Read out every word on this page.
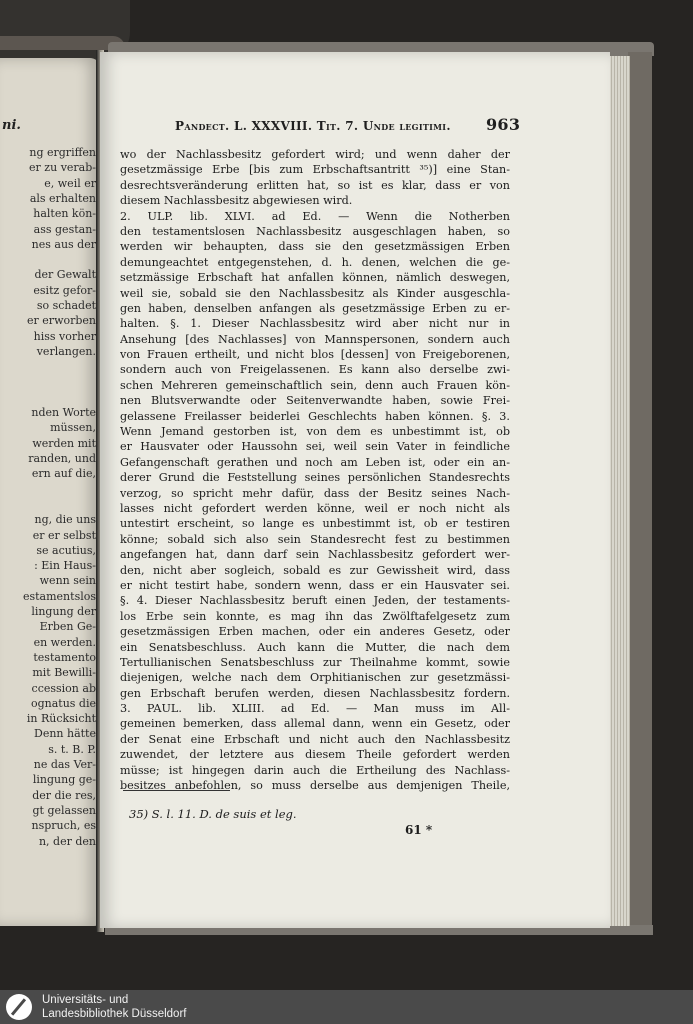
ni.
ng ergriffen
er zu verab-
e, weil er
als erhalten
halten kön-
ass gestan-
nes aus der
der Gewalt
esitz gefor-
so schadet
er erworben
hiss vorher
verlangen.
nden Worte
müssen,
werden mit
randen, und
ern auf die,
ng, die uns
er er selbst
se acutius,
: Ein Haus-
wenn sein
estamentslos
lingung der
Erben Ge-
en werden.
testamento
mit Bewilli-
ccession ab
ognatus die
in Rücksicht
Denn hätte
s. t. B. P.
ne das Ver-
lingung ge-
der die res,
gt gelassen
nspruch, es
n, der den
Pandect. L. XXXVIII. Tit. 7. Unde legitimi. 963
wo der Nachlassbesitz gefordert wird; und wenn daher der
gesetzmässige Erbe [bis zum Erbschaftsantritt ³⁵)] eine Stan-
desrechtsveränderung erlitten hat, so ist es klar, dass er von
diesem Nachlassbesitz abgewiesen wird.
2. ULP. lib. XLVI. ad Ed. — Wenn die Notherben
den testamentslosen Nachlassbesitz ausgeschlagen haben, so
werden wir behaupten, dass sie den gesetzmässigen Erben
demungeachtet entgegenstehen, d. h. denen, welchen die ge-
setzmässige Erbschaft hat anfallen können, nämlich deswegen,
weil sie, sobald sie den Nachlassbesitz als Kinder ausgeschla-
gen haben, denselben anfangen als gesetzmässige Erben zu er-
halten. §. 1. Dieser Nachlassbesitz wird aber nicht nur in
Ansehung [des Nachlasses] von Mannspersonen, sondern auch
von Frauen ertheilt, und nicht blos [dessen] von Freigeborenen,
sondern auch von Freigelassenen. Es kann also derselbe zwi-
schen Mehreren gemeinschaftlich sein, denn auch Frauen kön-
nen Blutsverwandte oder Seitenverwandte haben, sowie Frei-
gelassene Freilasser beiderlei Geschlechts haben können. §. 3.
Wenn Jemand gestorben ist, von dem es unbestimmt ist, ob
er Hausvater oder Haussohn sei, weil sein Vater in feindliche
Gefangenschaft gerathen und noch am Leben ist, oder ein an-
derer Grund die Feststellung seines persönlichen Standesrechts
verzog, so spricht mehr dafür, dass der Besitz seines Nach-
lasses nicht gefordert werden könne, weil er noch nicht als
untestirt erscheint, so lange es unbestimmt ist, ob er testiren
könne; sobald sich also sein Standesrecht fest zu bestimmen
angefangen hat, dann darf sein Nachlassbesitz gefordert wer-
den, nicht aber sogleich, sobald es zur Gewissheit wird, dass
er nicht testirt habe, sondern wenn, dass er ein Hausvater sei.
§. 4. Dieser Nachlassbesitz beruft einen Jeden, der testaments-
los Erbe sein konnte, es mag ihn das Zwölftafelgesetz zum
gesetzmässigen Erben machen, oder ein anderes Gesetz, oder
ein Senatsbeschluss. Auch kann die Mutter, die nach dem
Tertullianischen Senatsbeschluss zur Theilnahme kommt, sowie
diejenigen, welche nach dem Orphitianischen zur gesetzmässi-
gen Erbschaft berufen werden, diesen Nachlassbesitz fordern.
3. PAUL. lib. XLIII. ad Ed. — Man muss im All-
gemeinen bemerken, dass allemal dann, wenn ein Gesetz, oder
der Senat eine Erbschaft und nicht auch den Nachlassbesitz
zuwendet, der letztere aus diesem Theile gefordert werden
müsse; ist hingegen darin auch die Ertheilung des Nachlass-
besitzes anbefohlen, so muss derselbe aus demjenigen Theile,
35) S. l. 11. D. de suis et leg.
61 *
Universitäts- und
Landesbibliothek Düsseldorf
